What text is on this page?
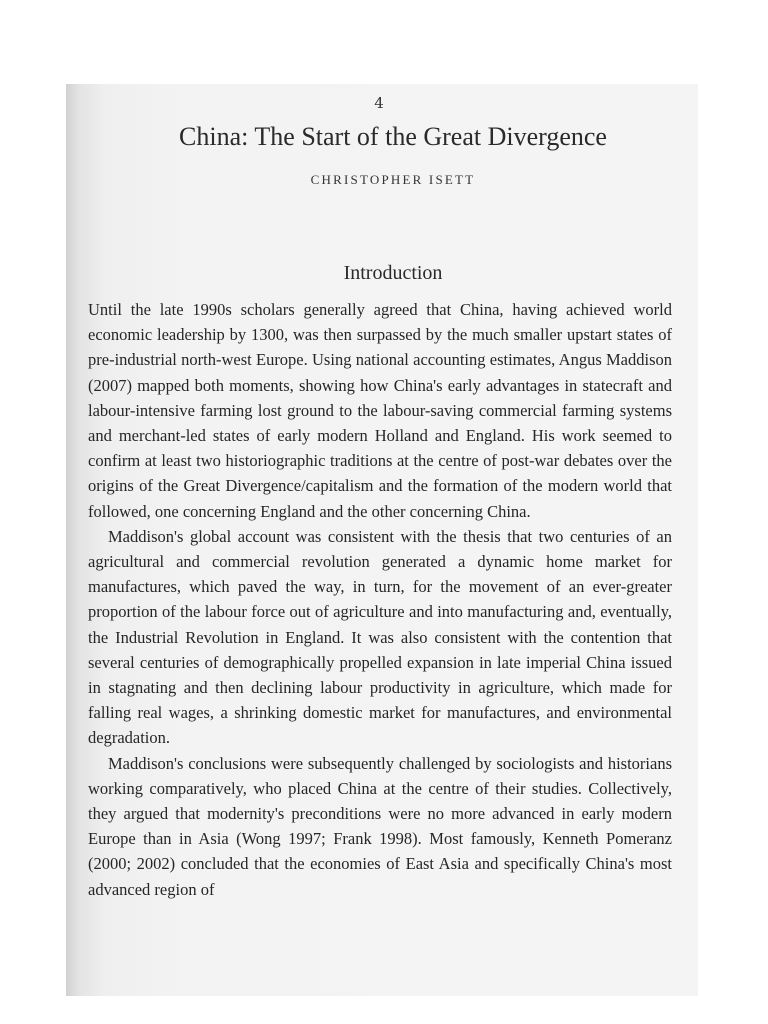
4
China: The Start of the Great Divergence
CHRISTOPHER ISETT
Introduction

Until the late 1990s scholars generally agreed that China, having achieved world economic leadership by 1300, was then surpassed by the much smaller upstart states of pre-industrial north-west Europe. Using national accounting estimates, Angus Maddison (2007) mapped both moments, showing how China's early advantages in statecraft and labour-intensive farming lost ground to the labour-saving commercial farming systems and merchant-led states of early modern Holland and England. His work seemed to confirm at least two historiographic traditions at the centre of post-war debates over the origins of the Great Divergence/capitalism and the formation of the modern world that followed, one concerning England and the other concerning China.

Maddison's global account was consistent with the thesis that two centuries of an agricultural and commercial revolution generated a dynamic home market for manufactures, which paved the way, in turn, for the movement of an ever-greater proportion of the labour force out of agriculture and into manufacturing and, eventually, the Industrial Revolution in England. It was also consistent with the contention that several centuries of demographically propelled expansion in late imperial China issued in stagnating and then declining labour productivity in agriculture, which made for falling real wages, a shrinking domestic market for manufactures, and environmental degradation.

Maddison's conclusions were subsequently challenged by sociologists and historians working comparatively, who placed China at the centre of their studies. Collectively, they argued that modernity's preconditions were no more advanced in early modern Europe than in Asia (Wong 1997; Frank 1998). Most famously, Kenneth Pomeranz (2000; 2002) concluded that the economies of East Asia and specifically China's most advanced region of
